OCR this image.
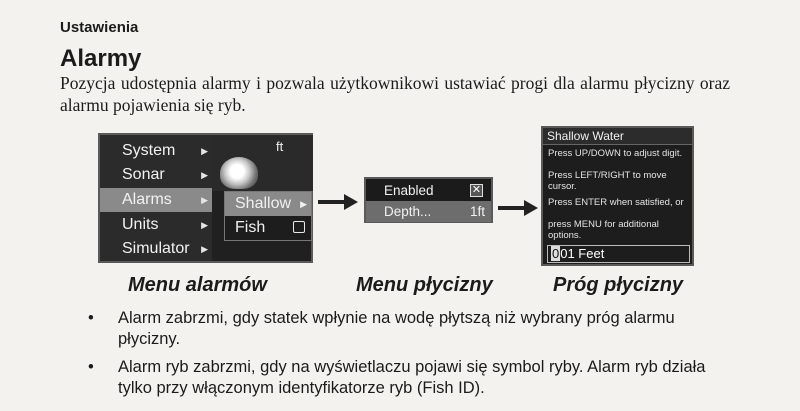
Ustawienia
Alarmy
Pozycja udostępnia alarmy i pozwala użytkownikowi ustawiać progi dla alarmu płycizny oraz alarmu pojawienia się ryb.
System	▶
Sonar	▶
Alarms	▶
Units	▶
Simulator ▶
ft
Shallow ▶
Fish
Enabled	✕
Depth...	1ft
Shallow Water
Press UP/DOWN to adjust digit.
Press LEFT/RIGHT to move cursor.
Press ENTER when satisfied, or
press MENU for additional options.
001 Feet
Menu alarmów	Menu płycizny	Próg płycizny
• Alarm zabrzmi, gdy statek wpłynie na wodę płytszą niż wybrany próg alarmu płycizny.
• Alarm ryb zabrzmi, gdy na wyświetlaczu pojawi się symbol ryby. Alarm ryb działa tylko przy włączonym identyfikatorze ryb (Fish ID).
